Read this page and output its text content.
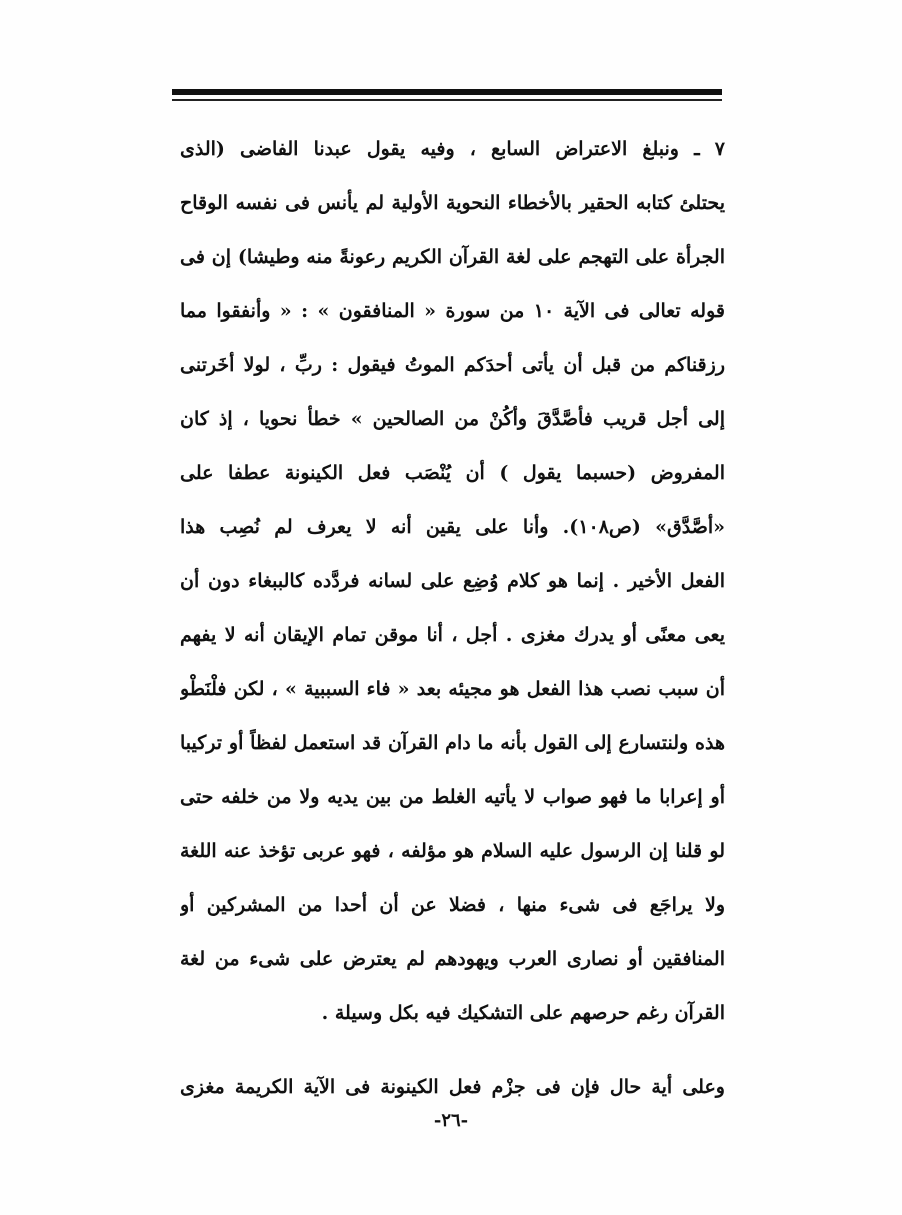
٧ ـ ونبلغ الاعتراض السابع ، وفيه يقول عبدنا الفاضى (الذى
يحتلئ كتابه الحقير بالأخطاء النحوية الأولية لم يأنس فى نفسه الوقاح
الجرأة على التهجم على لغة القرآن الكريم رعونةً منه وطيشا) إن فى
قوله تعالى فى الآية ١٠ من سورة « المنافقون » : « وأنفقوا مما
رزقناكم من قبل أن يأتى أحدَكم الموتُ فيقول : ربِّ ، لولا أخَرتنى
إلى أجل قريب فأصَّدَّقَ وأكُنْ من الصالحين » خطأ نحويا ، إذ كان
المفروض (حسبما يقول ) أن يُنْصَب فعل الكينونة عطفا على
«أصَّدَّق» (ص١٠٨). وأنا على يقين أنه لا يعرف لم نُصِب هذا
الفعل الأخير . إنما هو كلام وُضِع على لسانه فردَّده كالببغاء دون أن
يعى معنًى أو يدرك مغزى . أجل ، أنا موقن تمام الإيقان أنه لا يفهم
أن سبب نصب هذا الفعل هو مجيئه بعد « فاء السببية » ، لكن فلْنَطْو
هذه ولنتسارع إلى القول بأنه ما دام القرآن قد استعمل لفظاً أو تركيبا
أو إعرابا ما فهو صواب لا يأتيه الغلط من بين يديه ولا من خلفه حتى
لو قلنا إن الرسول عليه السلام هو مؤلفه ، فهو عربى تؤخذ عنه اللغة
ولا يراجَع فى شىء منها ، فضلا عن أن أحدا من المشركين أو
المنافقين أو نصارى العرب ويهودهم لم يعترض على شىء من لغة
القرآن رغم حرصهم على التشكيك فيه بكل وسيلة .
وعلى أية حال فإن فى جزْم فعل الكينونة فى الآية الكريمة مغزى
-٢٦-
